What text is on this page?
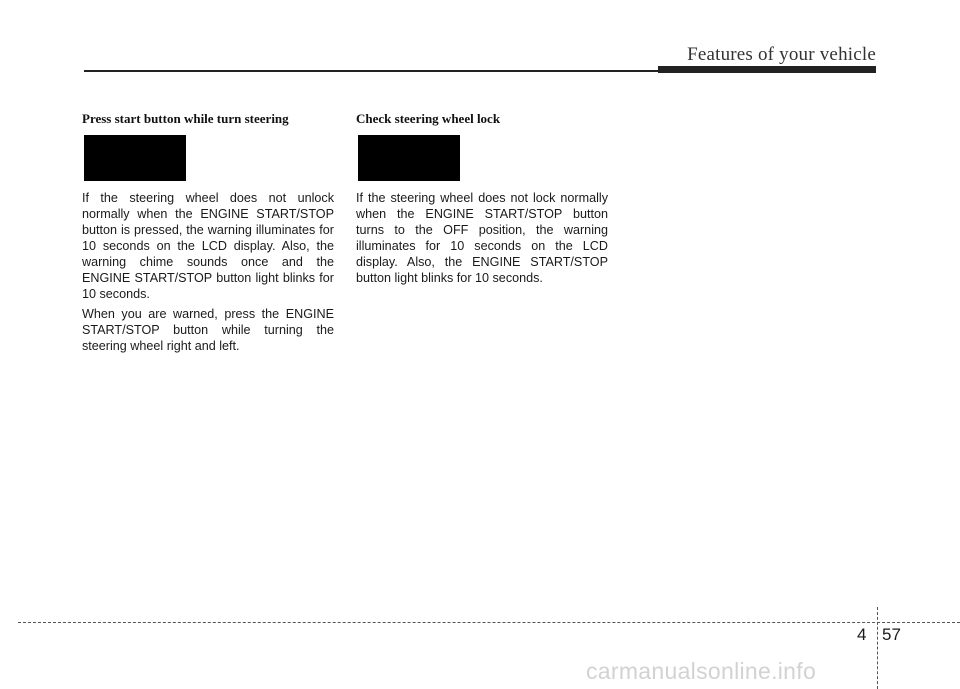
Features of your vehicle

Press start button while turn steering

If the steering wheel does not unlock normally when the ENGINE START/STOP button is pressed, the warning illuminates for 10 seconds on the LCD display. Also, the warning chime sounds once and the ENGINE START/STOP button light blinks for 10 seconds.

When you are warned, press the ENGINE START/STOP button while turning the steering wheel right and left.

Check steering wheel lock

If the steering wheel does not lock normally when the ENGINE START/STOP button turns to the OFF position, the warning illuminates for 10 seconds on the LCD display. Also, the ENGINE START/STOP button light blinks for 10 seconds.

4 57
carmanualsonline.info
